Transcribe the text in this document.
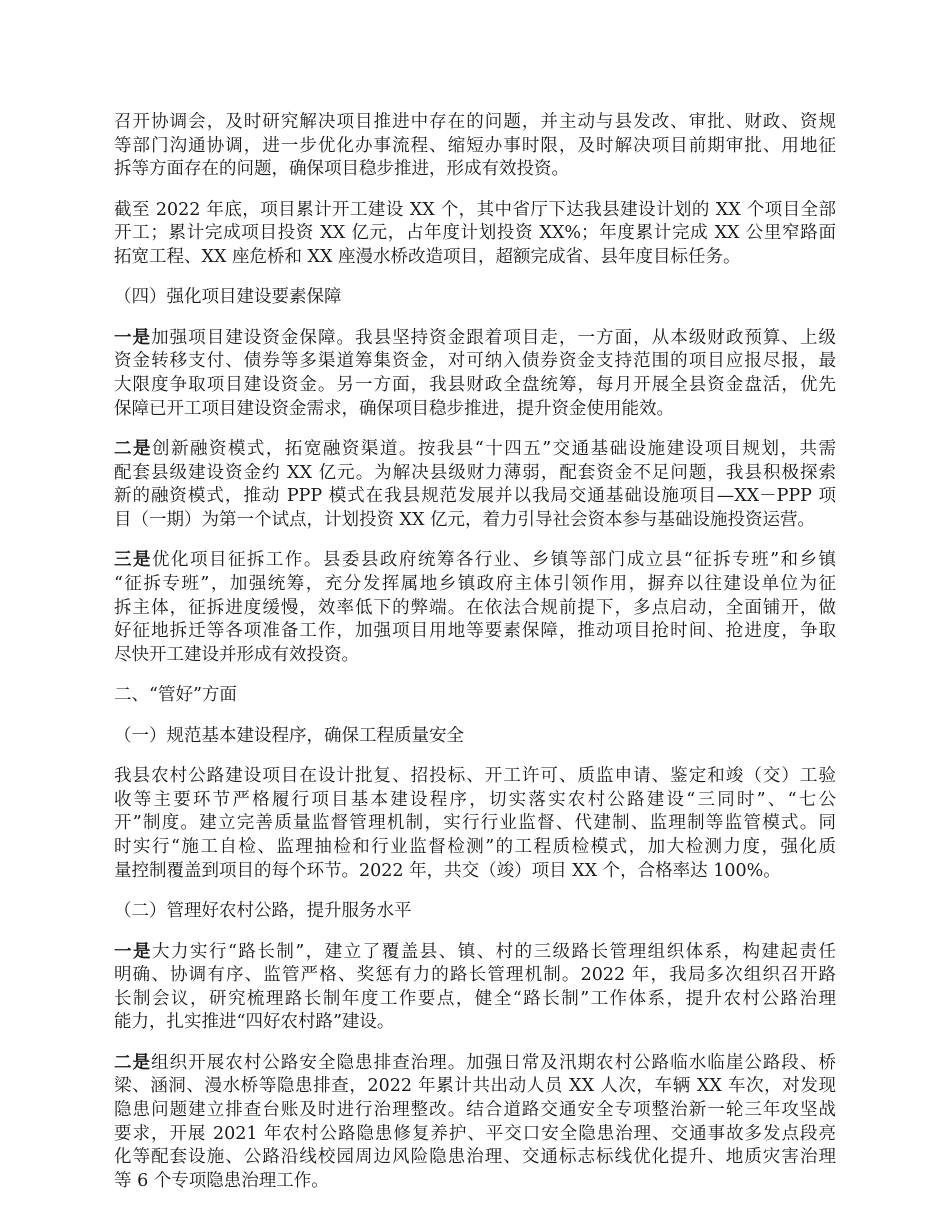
召开协调会，及时研究解决项目推进中存在的问题，并主动与县发改、审批、财政、资规
等部门沟通协调，进一步优化办事流程、缩短办事时限，及时解决项目前期审批、用地征
拆等方面存在的问题，确保项目稳步推进，形成有效投资。
截至 2022 年底，项目累计开工建设 XX 个，其中省厅下达我县建设计划的 XX 个项目全部
开工；累计完成项目投资 XX 亿元，占年度计划投资 XX%；年度累计完成 XX 公里窄路面
拓宽工程、XX 座危桥和 XX 座漫水桥改造项目，超额完成省、县年度目标任务。
（四）强化项目建设要素保障
一是加强项目建设资金保障。我县坚持资金跟着项目走，一方面，从本级财政预算、上级
资金转移支付、债券等多渠道筹集资金，对可纳入债券资金支持范围的项目应报尽报，最
大限度争取项目建设资金。另一方面，我县财政全盘统筹，每月开展全县资金盘活，优先
保障已开工项目建设资金需求，确保项目稳步推进，提升资金使用能效。
二是创新融资模式，拓宽融资渠道。按我县“十四五”交通基础设施建设项目规划，共需
配套县级建设资金约 XX 亿元。为解决县级财力薄弱，配套资金不足问题，我县积极探索
新的融资模式，推动 PPP 模式在我县规范发展并以我局交通基础设施项目—XX－PPP 项
目（一期）为第一个试点，计划投资 XX 亿元，着力引导社会资本参与基础设施投资运营。
三是优化项目征拆工作。县委县政府统筹各行业、乡镇等部门成立县“征拆专班”和乡镇
“征拆专班”，加强统筹，充分发挥属地乡镇政府主体引领作用，摒弃以往建设单位为征
拆主体，征拆进度缓慢，效率低下的弊端。在依法合规前提下，多点启动，全面铺开，做
好征地拆迁等各项准备工作，加强项目用地等要素保障，推动项目抢时间、抢进度，争取
尽快开工建设并形成有效投资。
二、“管好”方面
（一）规范基本建设程序，确保工程质量安全
我县农村公路建设项目在设计批复、招投标、开工许可、质监申请、鉴定和竣（交）工验
收等主要环节严格履行项目基本建设程序，切实落实农村公路建设“三同时”、“七公
开”制度。建立完善质量监督管理机制，实行行业监督、代建制、监理制等监管模式。同
时实行“施工自检、监理抽检和行业监督检测”的工程质检模式，加大检测力度，强化质
量控制覆盖到项目的每个环节。2022 年，共交（竣）项目 XX 个，合格率达 100%。
（二）管理好农村公路，提升服务水平
一是大力实行“路长制”，建立了覆盖县、镇、村的三级路长管理组织体系，构建起责任
明确、协调有序、监管严格、奖惩有力的路长管理机制。2022 年，我局多次组织召开路
长制会议，研究梳理路长制年度工作要点，健全“路长制”工作体系，提升农村公路治理
能力，扎实推进“四好农村路”建设。
二是组织开展农村公路安全隐患排查治理。加强日常及汛期农村公路临水临崖公路段、桥
梁、涵洞、漫水桥等隐患排查，2022 年累计共出动人员 XX 人次，车辆 XX 车次，对发现
隐患问题建立排查台账及时进行治理整改。结合道路交通安全专项整治新一轮三年攻坚战
要求，开展 2021 年农村公路隐患修复养护、平交口安全隐患治理、交通事故多发点段亮
化等配套设施、公路沿线校园周边风险隐患治理、交通标志标线优化提升、地质灾害治理
等 6 个专项隐患治理工作。
